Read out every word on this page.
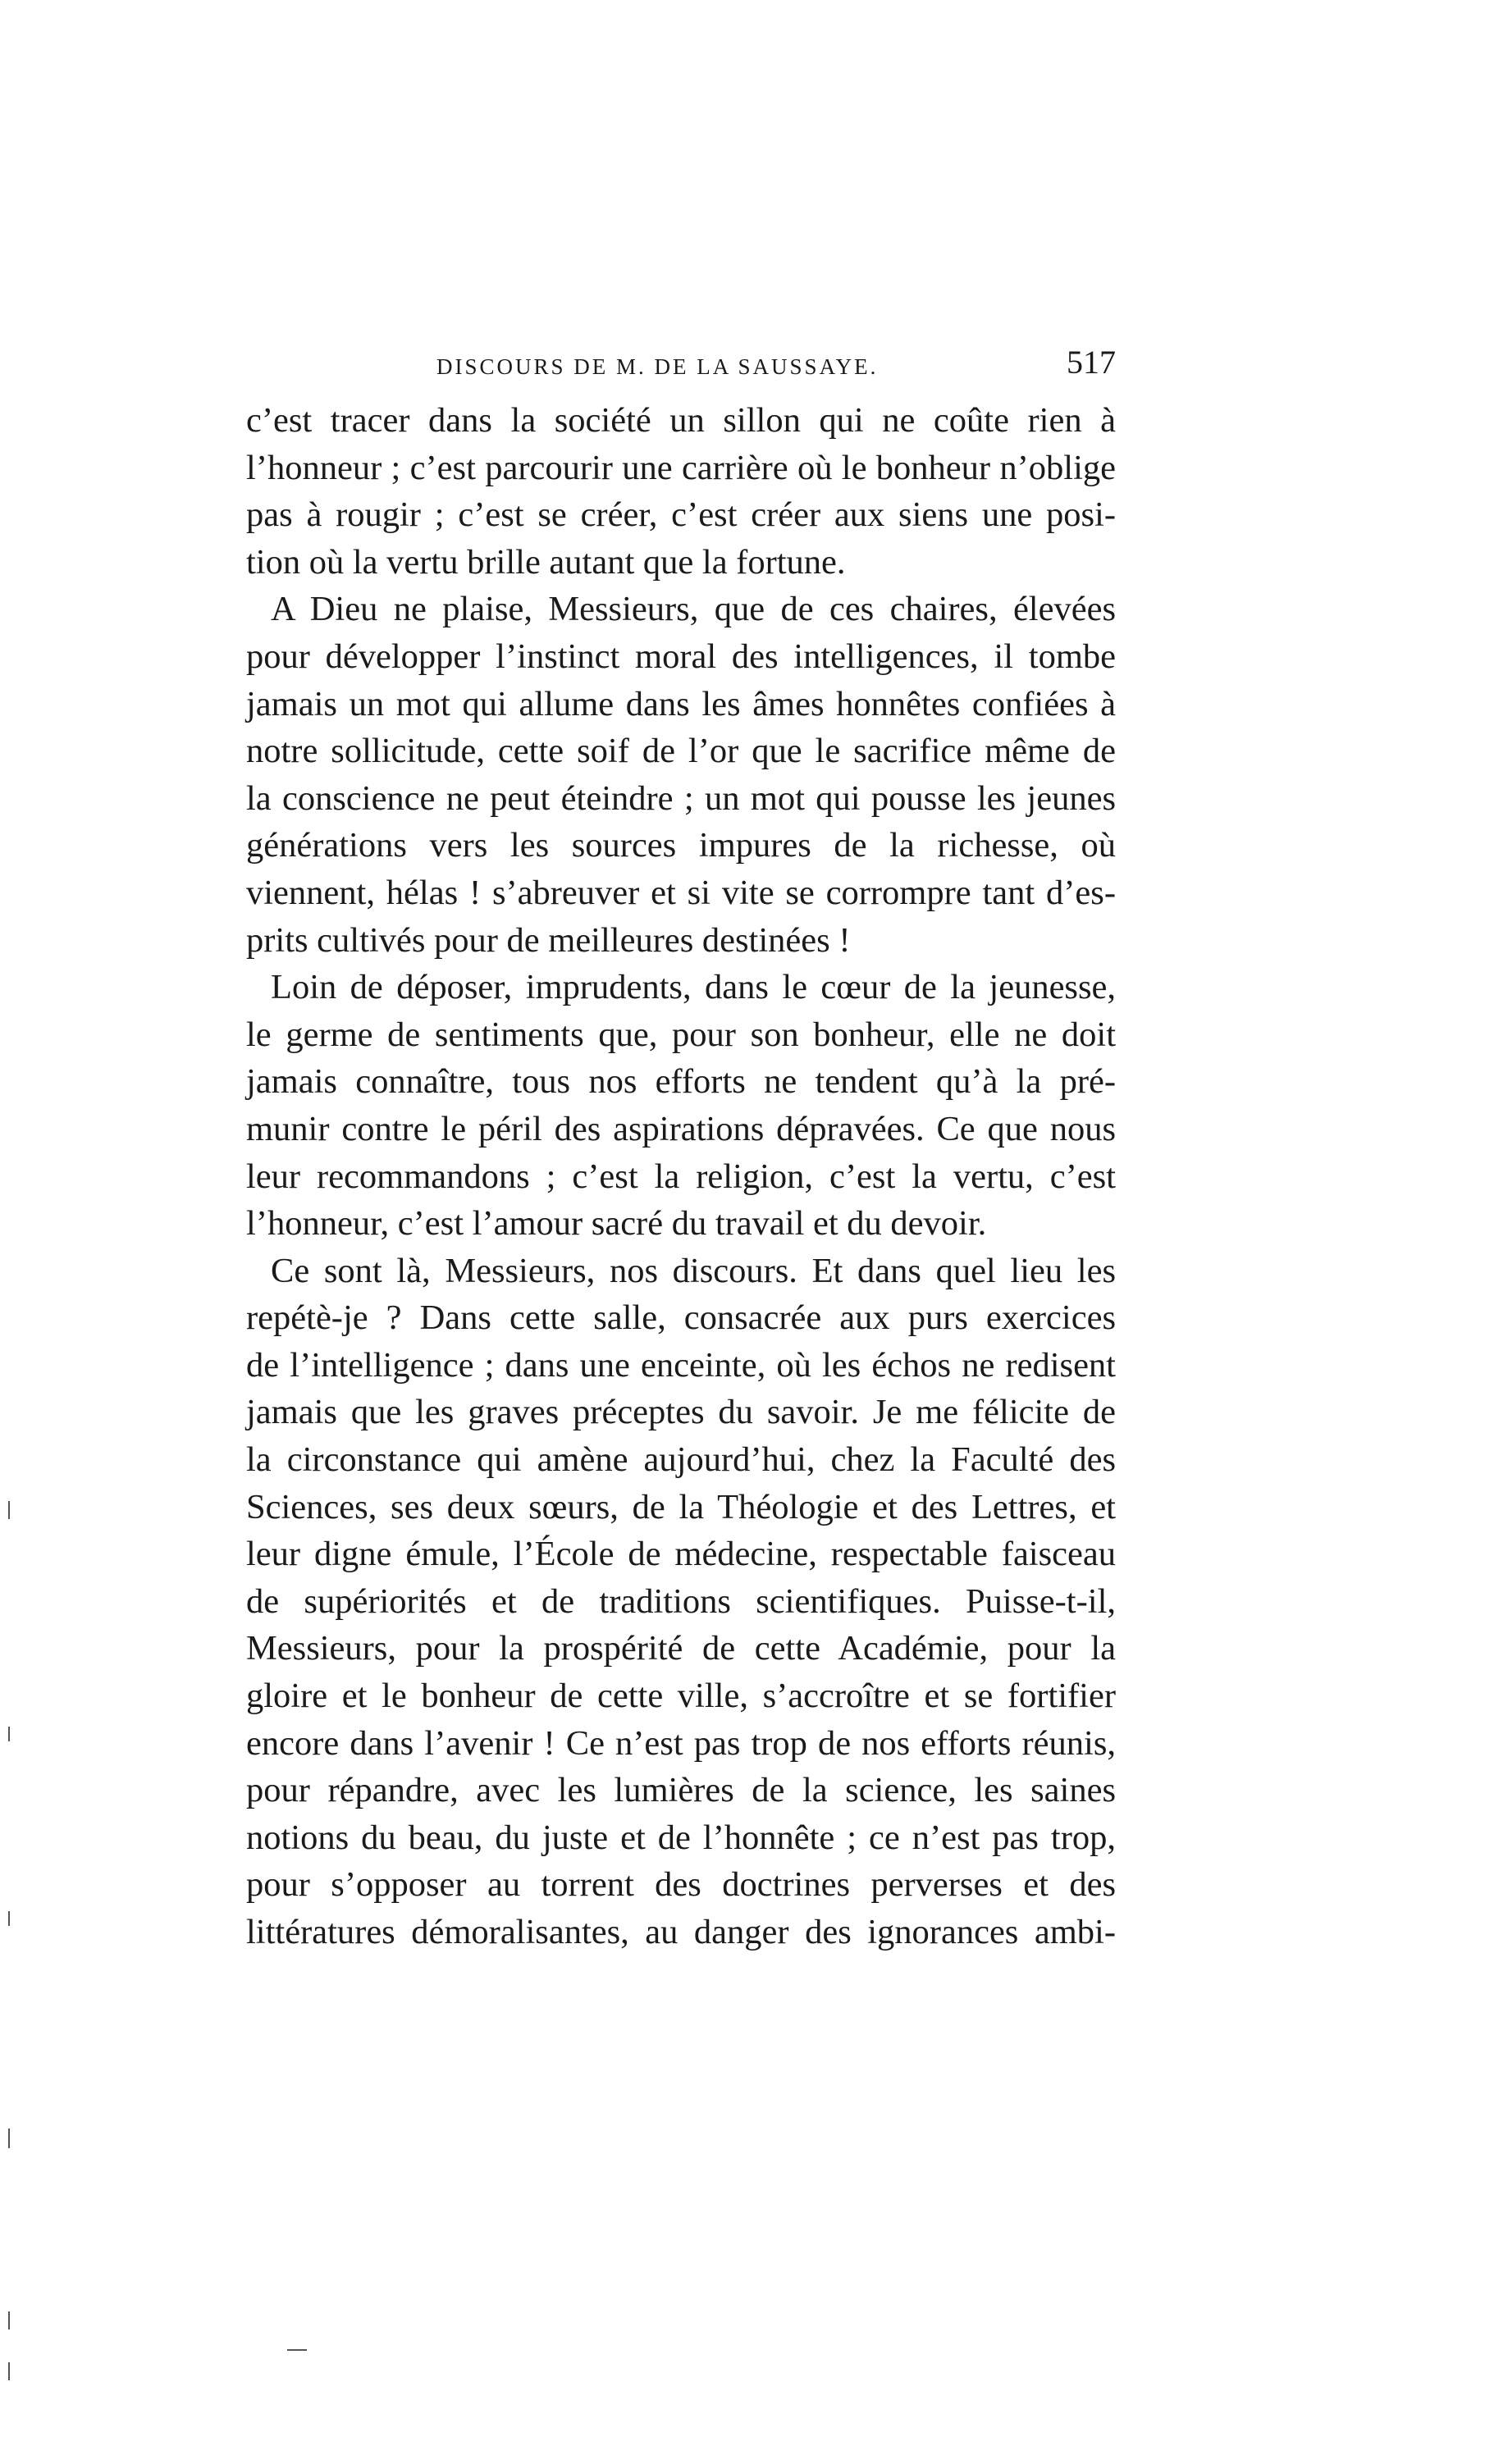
DISCOURS DE M. DE LA SAUSSAYE.	517
c’est tracer dans la société un sillon qui ne coûte rien à
l’honneur ; c’est parcourir une carrière où le bonheur n’oblige
pas à rougir ; c’est se créer, c’est créer aux siens une posi-
tion où la vertu brille autant que la fortune.
A Dieu ne plaise, Messieurs, que de ces chaires, élevées
pour développer l’instinct moral des intelligences, il tombe
jamais un mot qui allume dans les âmes honnêtes confiées à
notre sollicitude, cette soif de l’or que le sacrifice même de
la conscience ne peut éteindre ; un mot qui pousse les jeunes
générations vers les sources impures de la richesse, où
viennent, hélas ! s’abreuver et si vite se corrompre tant d’es-
prits cultivés pour de meilleures destinées !
Loin de déposer, imprudents, dans le cœur de la jeunesse,
le germe de sentiments que, pour son bonheur, elle ne doit
jamais connaître, tous nos efforts ne tendent qu’à la pré-
munir contre le péril des aspirations dépravées. Ce que nous
leur recommandons ; c’est la religion, c’est la vertu, c’est
l’honneur, c’est l’amour sacré du travail et du devoir.
Ce sont là, Messieurs, nos discours. Et dans quel lieu les
repétè-je ? Dans cette salle, consacrée aux purs exercices
de l’intelligence ; dans une enceinte, où les échos ne redisent
jamais que les graves préceptes du savoir. Je me félicite de
la circonstance qui amène aujourd’hui, chez la Faculté des
Sciences, ses deux sœurs, de la Théologie et des Lettres, et
leur digne émule, l’École de médecine, respectable faisceau
de supériorités et de traditions scientifiques. Puisse-t-il,
Messieurs, pour la prospérité de cette Académie, pour la
gloire et le bonheur de cette ville, s’accroître et se fortifier
encore dans l’avenir ! Ce n’est pas trop de nos efforts réunis,
pour répandre, avec les lumières de la science, les saines
notions du beau, du juste et de l’honnête ; ce n’est pas trop,
pour s’opposer au torrent des doctrines perverses et des
littératures démoralisantes, au danger des ignorances ambi-
